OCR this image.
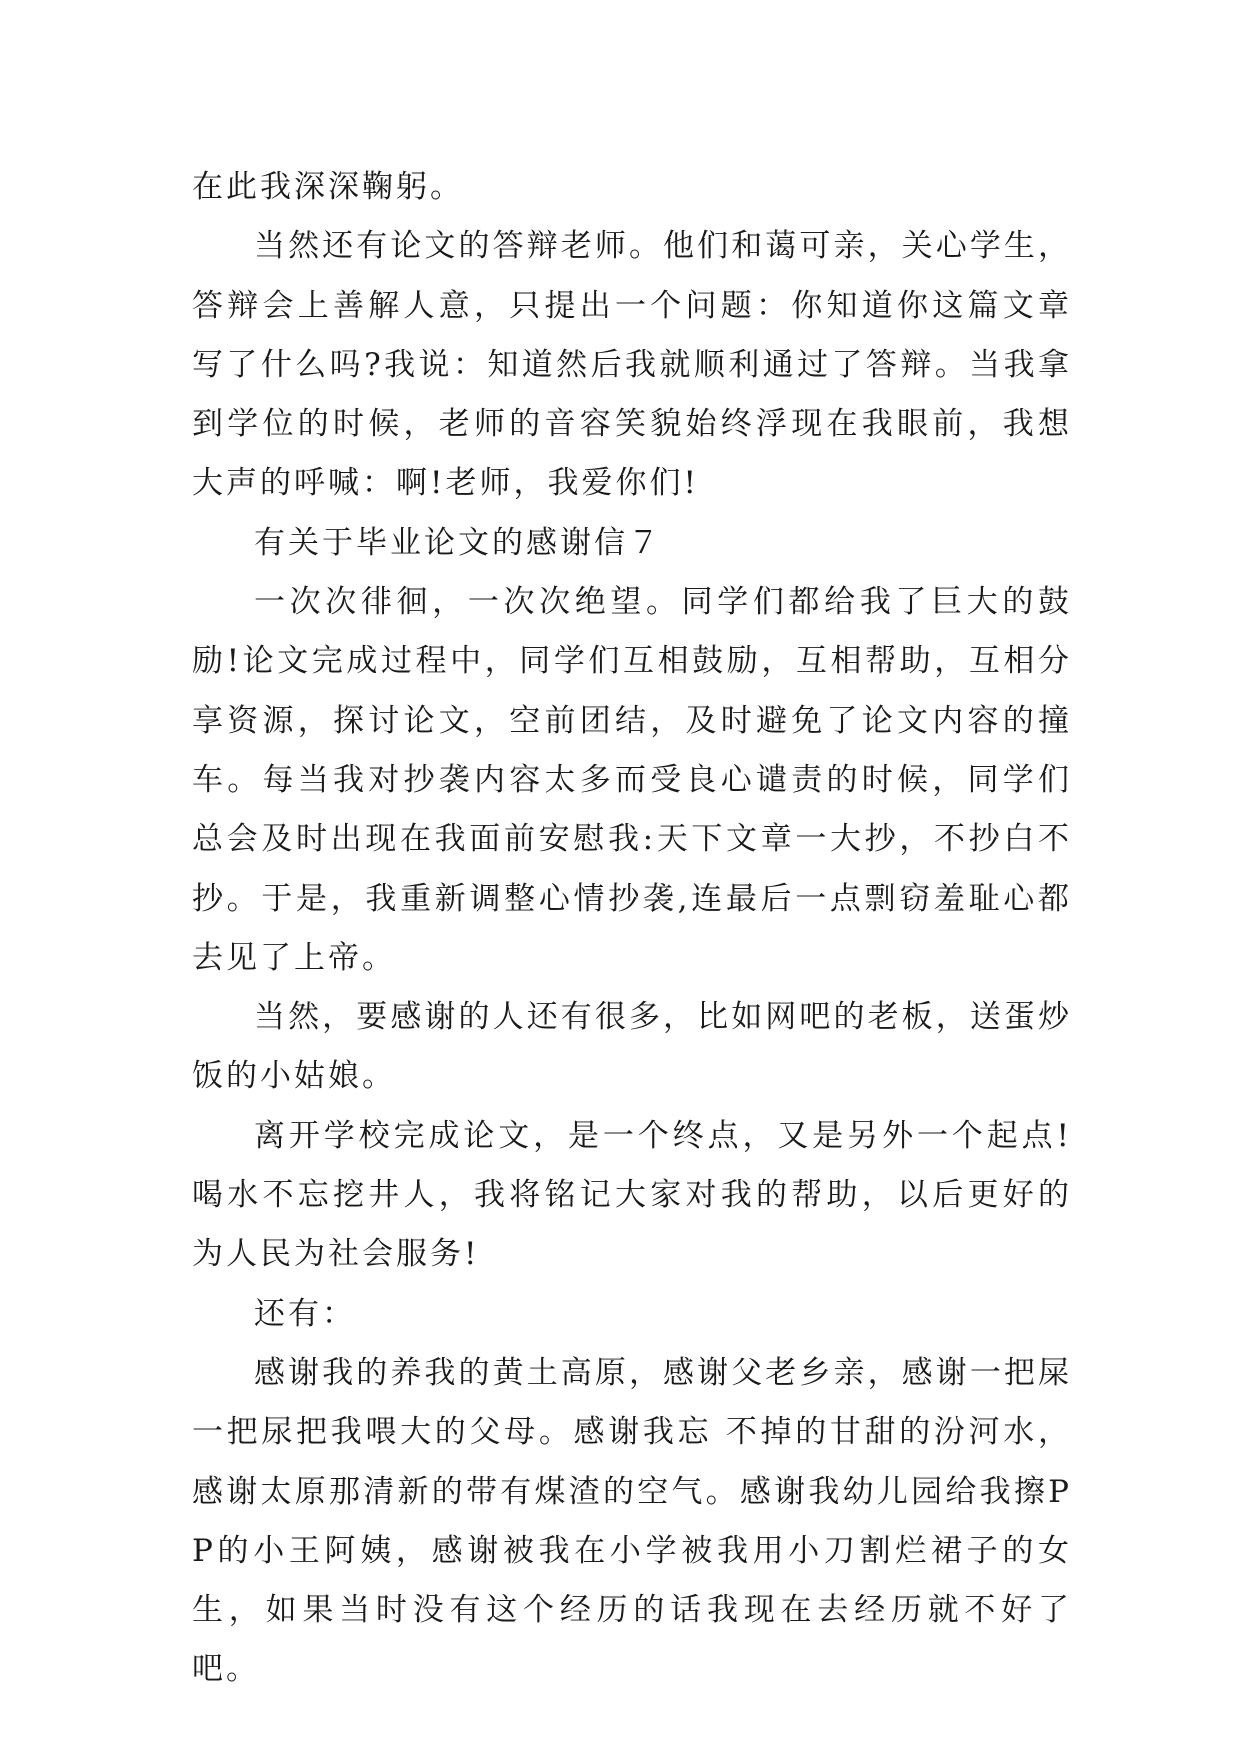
在此我深深鞠躬。

当然还有论文的答辩老师。他们和蔼可亲，关心学生，答辩会上善解人意，只提出一个问题：你知道你这篇文章写了什么吗?我说：知道然后我就顺利通过了答辩。当我拿到学位的时候，老师的音容笑貌始终浮现在我眼前，我想大声的呼喊：啊!老师，我爱你们!

有关于毕业论文的感谢信７

一次次徘徊，一次次绝望。同学们都给我了巨大的鼓励!论文完成过程中，同学们互相鼓励，互相帮助，互相分享资源，探讨论文，空前团结，及时避免了论文内容的撞车。每当我对抄袭内容太多而受良心谴责的时候，同学们总会及时出现在我面前安慰我:天下文章一大抄，不抄白不抄。于是，我重新调整心情抄袭,连最后一点剽窃羞耻心都去见了上帝。

当然，要感谢的人还有很多，比如网吧的老板，送蛋炒饭的小姑娘。

离开学校完成论文，是一个终点，又是另外一个起点!喝水不忘挖井人，我将铭记大家对我的帮助，以后更好的为人民为社会服务!

还有：

感谢我的养我的黄土高原，感谢父老乡亲，感谢一把屎一把尿把我喂大的父母。感谢我忘 不掉的甘甜的汾河水，感谢太原那清新的带有煤渣的空气。感谢我幼儿园给我擦PP的小王阿姨，感谢被我在小学被我用小刀割烂裙子的女生，如果当时没有这个经历的话我现在去经历就不好了吧。
